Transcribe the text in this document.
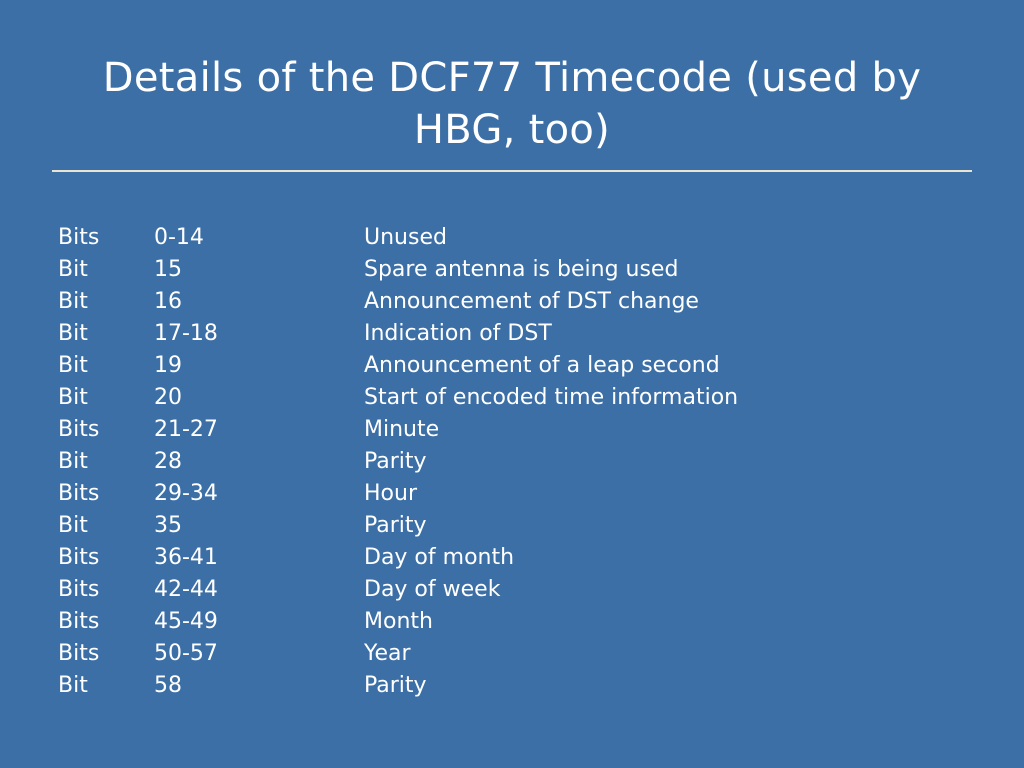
Details of the DCF77 Timecode (used by HBG, too)
Bits	0-14	Unused
Bit	15	Spare antenna is being used
Bit	16	Announcement of DST change
Bit	17-18	Indication of DST
Bit	19	Announcement of a leap second
Bit	20	Start of encoded time information
Bits	21-27	Minute
Bit	28	Parity
Bits	29-34	Hour
Bit	35	Parity
Bits	36-41	Day of month
Bits	42-44	Day of week
Bits	45-49	Month
Bits	50-57	Year
Bit	58	Parity
